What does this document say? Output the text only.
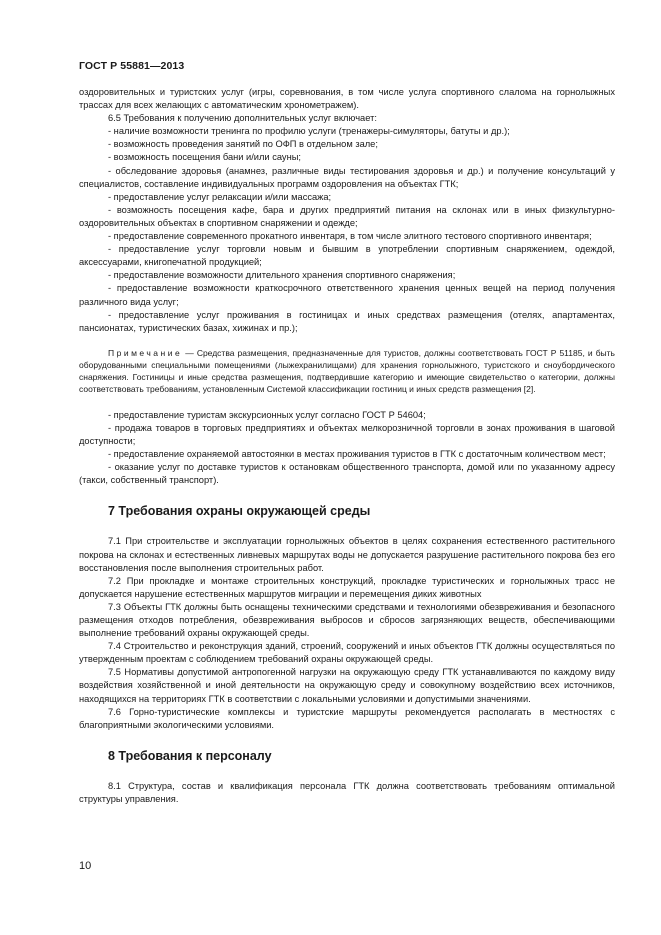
ГОСТ Р 55881—2013

оздоровительных и туристских услуг (игры, соревнования, в том числе услуга спортивного слалома на горнолыжных трассах для всех желающих с автоматическим хронометражем).

6.5 Требования к получению дополнительных услуг включает:

- наличие возможности тренинга по профилю услуги (тренажеры-симуляторы, батуты и др.);

- возможность проведения занятий по ОФП в отдельном зале;

- возможность посещения бани и/или сауны;

- обследование здоровья (анамнез, различные виды тестирования здоровья и др.) и получение консультаций у специалистов, составление индивидуальных программ оздоровления на объектах ГТК;

- предоставление услуг релаксации и/или массажа;

- возможность посещения кафе, бара и других предприятий питания на склонах или в иных физкультурно-оздоровительных объектах в спортивном снаряжении и одежде;

- предоставление современного прокатного инвентаря, в том числе элитного тестового спортивного инвентаря;

- предоставление услуг торговли новым и бывшим в употреблении спортивным снаряжением, одеждой, аксессуарами, книгопечатной продукцией;

- предоставление возможности длительного хранения спортивного снаряжения;

- предоставление возможности краткосрочного ответственного хранения ценных вещей на период получения различного вида услуг;

- предоставление услуг проживания в гостиницах и иных средствах размещения (отелях, апартаментах, пансионатах, туристических базах, хижинах и пр.);

Примечание — Средства размещения, предназначенные для туристов, должны соответствовать ГОСТ Р 51185, и быть оборудованными специальными помещениями (лыжехранилищами) для хранения горнолыжного, туристского и сноубордического снаряжения. Гостиницы и иные средства размещения, подтвердившие категорию и имеющие свидетельство о категории, должны соответствовать требованиям, установленным Системой классификации гостиниц и иных средств размещения [2].

- предоставление туристам экскурсионных услуг согласно ГОСТ Р 54604;

- продажа товаров в торговых предприятиях и объектах мелкорозничной торговли в зонах проживания в шаговой доступности;

- предоставление охраняемой автостоянки в местах проживания туристов в ГТК с достаточным количеством мест;

- оказание услуг по доставке туристов к остановкам общественного транспорта, домой или по указанному адресу (такси, собственный транспорт).

7 Требования охраны окружающей среды

7.1 При строительстве и эксплуатации горнолыжных объектов в целях сохранения естественного растительного покрова на склонах и естественных ливневых маршрутах воды не допускается разрушение растительного покрова без его восстановления после выполнения строительных работ.

7.2 При прокладке и монтаже строительных конструкций, прокладке туристических и горнолыжных трасс не допускается нарушение естественных маршрутов миграции и перемещения диких животных

7.3 Объекты ГТК должны быть оснащены техническими средствами и технологиями обезвреживания и безопасного размещения отходов потребления, обезвреживания выбросов и сбросов загрязняющих веществ, обеспечивающими выполнение требований охраны окружающей среды.

7.4 Строительство и реконструкция зданий, строений, сооружений и иных объектов ГТК должны осуществляться по утвержденным проектам с соблюдением требований охраны окружающей среды.

7.5 Нормативы допустимой антропогенной нагрузки на окружающую среду ГТК устанавливаются по каждому виду воздействия хозяйственной и иной деятельности на окружающую среду и совокупному воздействию всех источников, находящихся на территориях ГТК в соответствии с локальными условиями и допустимыми значениями.

7.6 Горно-туристические комплексы и туристские маршруты рекомендуется располагать в местностях с благоприятными экологическими условиями.

8 Требования к персоналу

8.1 Структура, состав и квалификация персонала ГТК должна соответствовать требованиям оптимальной структуры управления.

10
